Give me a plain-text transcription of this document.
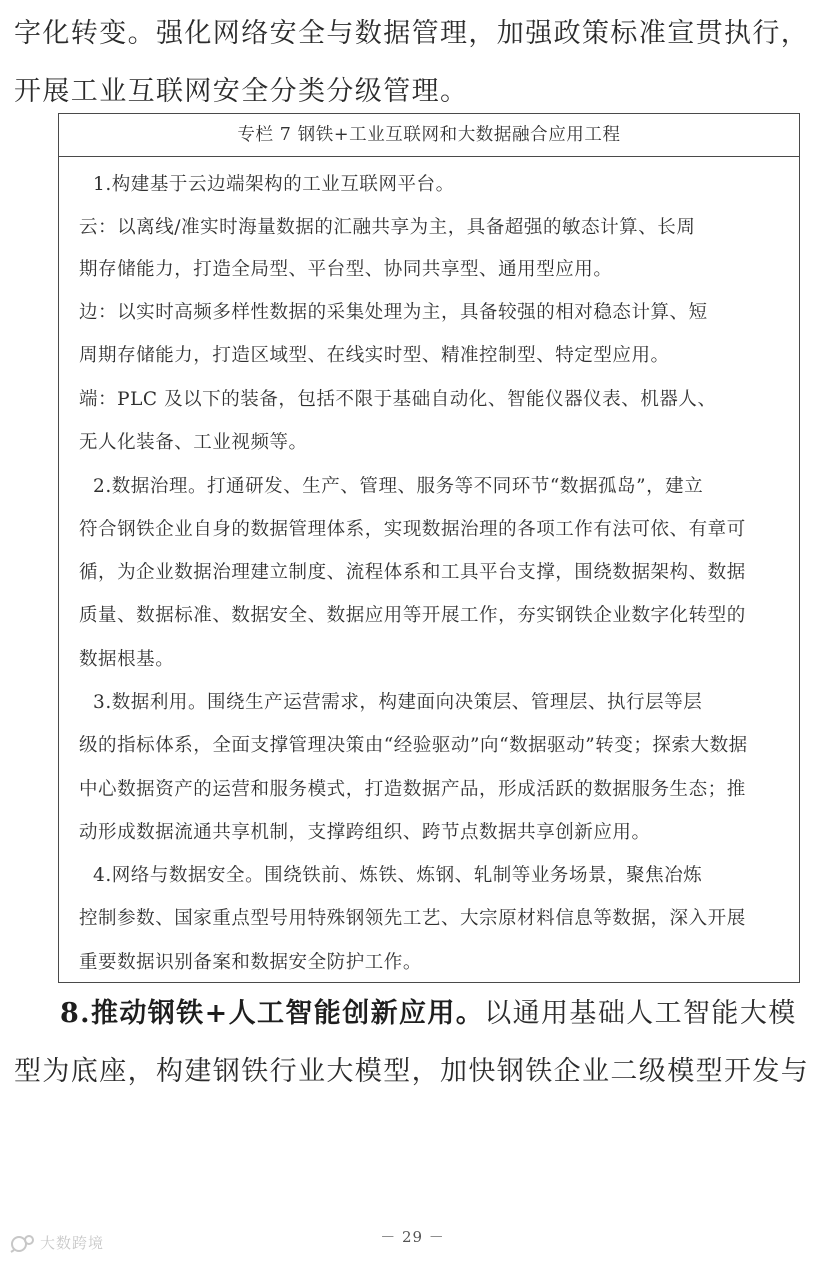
字化转变。强化网络安全与数据管理，加强政策标准宣贯执行，
开展工业互联网安全分类分级管理。
专栏 7 钢铁+工业互联网和大数据融合应用工程
1.构建基于云边端架构的工业互联网平台。
云：以离线/准实时海量数据的汇融共享为主，具备超强的敏态计算、长周
期存储能力，打造全局型、平台型、协同共享型、通用型应用。
边：以实时高频多样性数据的采集处理为主，具备较强的相对稳态计算、短
周期存储能力，打造区域型、在线实时型、精准控制型、特定型应用。
端：PLC 及以下的装备，包括不限于基础自动化、智能仪器仪表、机器人、
无人化装备、工业视频等。
2.数据治理。打通研发、生产、管理、服务等不同环节“数据孤岛”，建立
符合钢铁企业自身的数据管理体系，实现数据治理的各项工作有法可依、有章可
循，为企业数据治理建立制度、流程体系和工具平台支撑，围绕数据架构、数据
质量、数据标准、数据安全、数据应用等开展工作，夯实钢铁企业数字化转型的
数据根基。
3.数据利用。围绕生产运营需求，构建面向决策层、管理层、执行层等层
级的指标体系，全面支撑管理决策由“经验驱动”向“数据驱动”转变；探索大数据
中心数据资产的运营和服务模式，打造数据产品，形成活跃的数据服务生态；推
动形成数据流通共享机制，支撑跨组织、跨节点数据共享创新应用。
4.网络与数据安全。围绕铁前、炼铁、炼钢、轧制等业务场景，聚焦冶炼
控制参数、国家重点型号用特殊钢领先工艺、大宗原材料信息等数据，深入开展
重要数据识别备案和数据安全防护工作。
8.推动钢铁+人工智能创新应用。以通用基础人工智能大模
型为底座，构建钢铁行业大模型，加快钢铁企业二级模型开发与
－ 29 －
大数跨境
